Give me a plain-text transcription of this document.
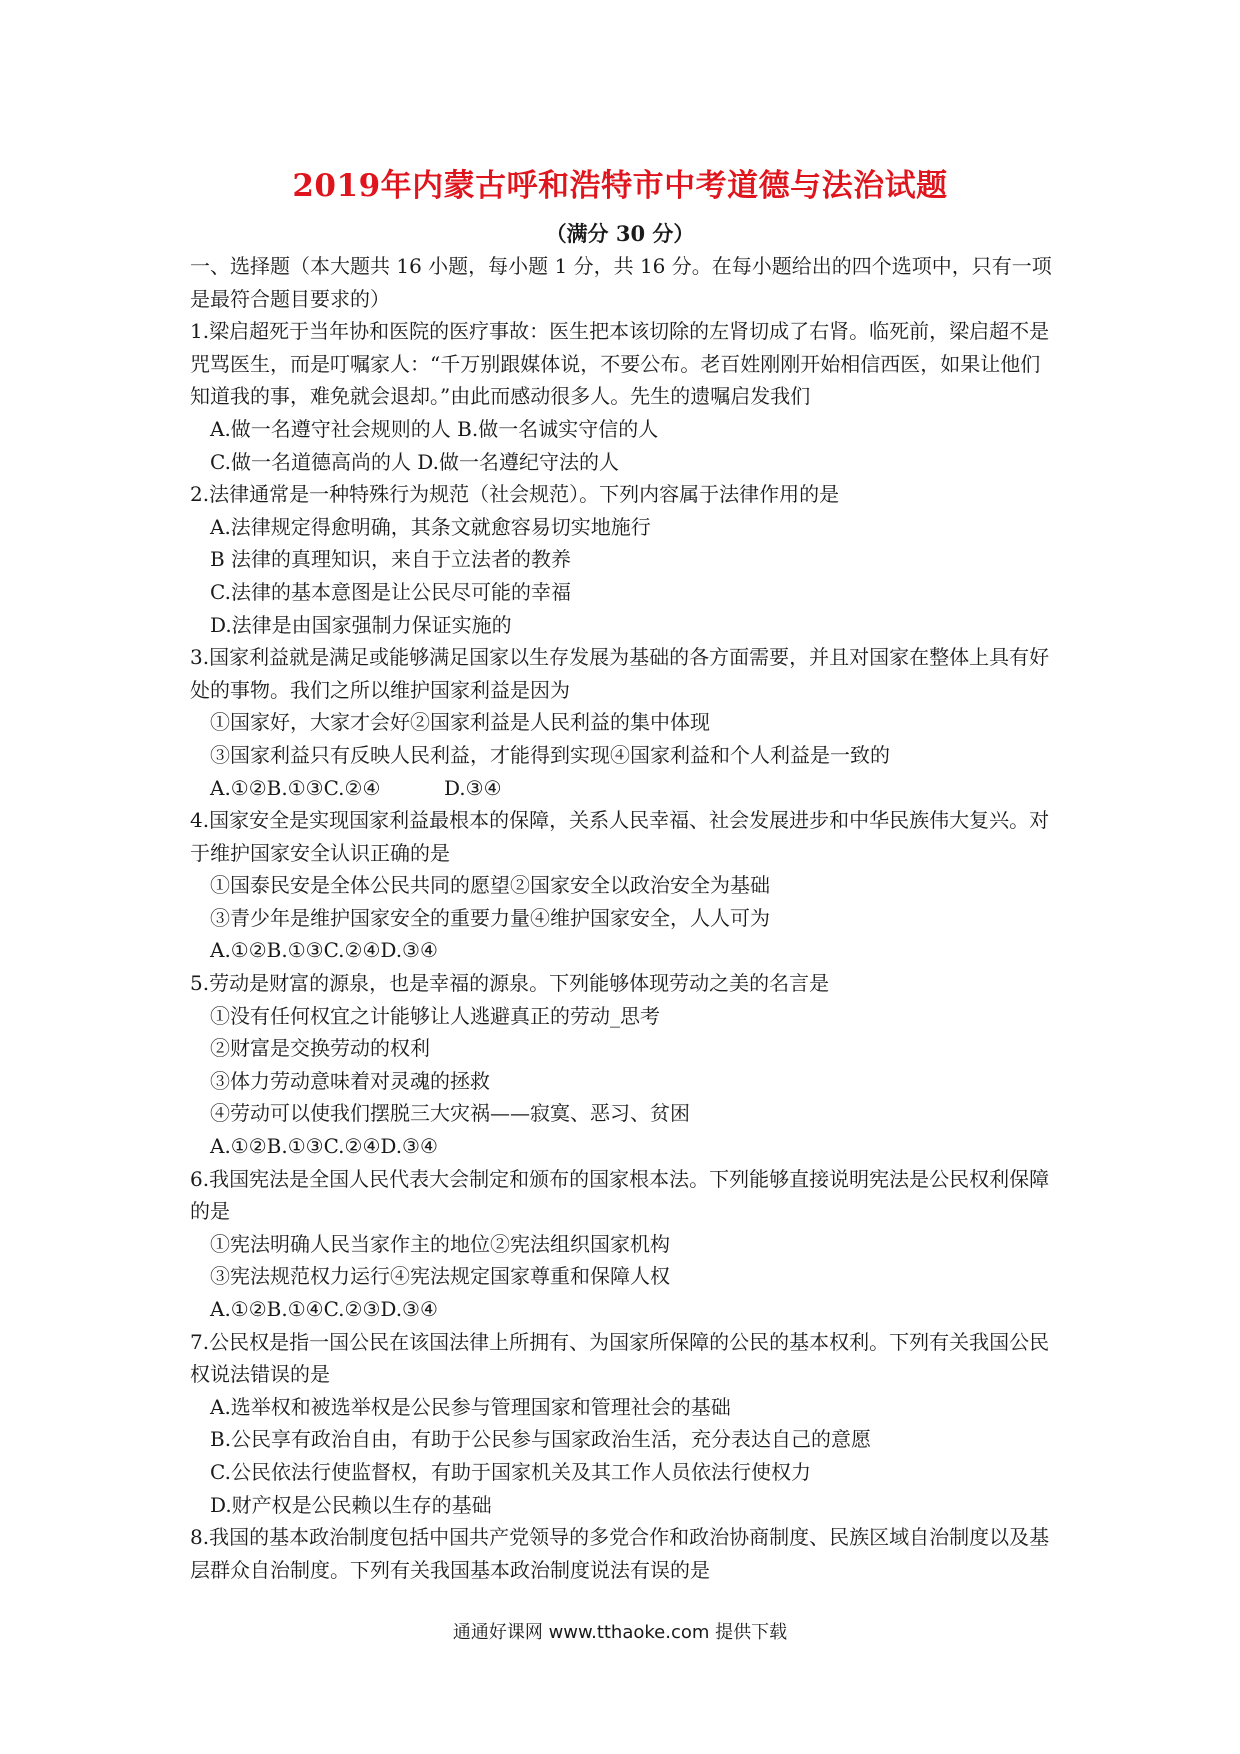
2019年内蒙古呼和浩特市中考道德与法治试题
（满分 30 分）
一、选择题（本大题共 16 小题，每小题 1 分，共 16 分。在每小题给出的四个选项中，只有一项是最符合题目要求的）
1.梁启超死于当年协和医院的医疗事故：医生把本该切除的左肾切成了右肾。临死前，梁启超不是咒骂医生，而是叮嘱家人：“千万别跟媒体说，不要公布。老百姓刚刚开始相信西医，如果让他们知道我的事，难免就会退却。”由此而感动很多人。先生的遗嘱启发我们
A.做一名遵守社会规则的人 B.做一名诚实守信的人
C.做一名道德高尚的人 D.做一名遵纪守法的人
2.法律通常是一种特殊行为规范（社会规范）。下列内容属于法律作用的是
A.法律规定得愈明确，其条文就愈容易切实地施行
B 法律的真理知识，来自于立法者的教养
C.法律的基本意图是让公民尽可能的幸福
D.法律是由国家强制力保证实施的
3.国家利益就是满足或能够满足国家以生存发展为基础的各方面需要，并且对国家在整体上具有好处的事物。我们之所以维护国家利益是因为
①国家好，大家才会好②国家利益是人民利益的集中体现
③国家利益只有反映人民利益，才能得到实现④国家利益和个人利益是一致的
A.①②B.①③C.②④          D.③④
4.国家安全是实现国家利益最根本的保障，关系人民幸福、社会发展进步和中华民族伟大复兴。对于维护国家安全认识正确的是
①国泰民安是全体公民共同的愿望②国家安全以政治安全为基础
③青少年是维护国家安全的重要力量④维护国家安全，人人可为
A.①②B.①③C.②④D.③④
5.劳动是财富的源泉，也是幸福的源泉。下列能够体现劳动之美的名言是
①没有任何权宜之计能够让人逃避真正的劳动_思考
②财富是交换劳动的权利
③体力劳动意味着对灵魂的拯救
④劳动可以使我们摆脱三大灾祸——寂寞、恶习、贫困
A.①②B.①③C.②④D.③④
6.我国宪法是全国人民代表大会制定和颁布的国家根本法。下列能够直接说明宪法是公民权利保障的是
①宪法明确人民当家作主的地位②宪法组织国家机构
③宪法规范权力运行④宪法规定国家尊重和保障人权
A.①②B.①④C.②③D.③④
7.公民权是指一国公民在该国法律上所拥有、为国家所保障的公民的基本权利。下列有关我国公民权说法错误的是
A.选举权和被选举权是公民参与管理国家和管理社会的基础
B.公民享有政治自由，有助于公民参与国家政治生活，充分表达自己的意愿
C.公民依法行使监督权，有助于国家机关及其工作人员依法行使权力
D.财产权是公民赖以生存的基础
8.我国的基本政治制度包括中国共产党领导的多党合作和政治协商制度、民族区域自治制度以及基层群众自治制度。下列有关我国基本政治制度说法有误的是
通通好课网 www.tthaoke.com 提供下载
